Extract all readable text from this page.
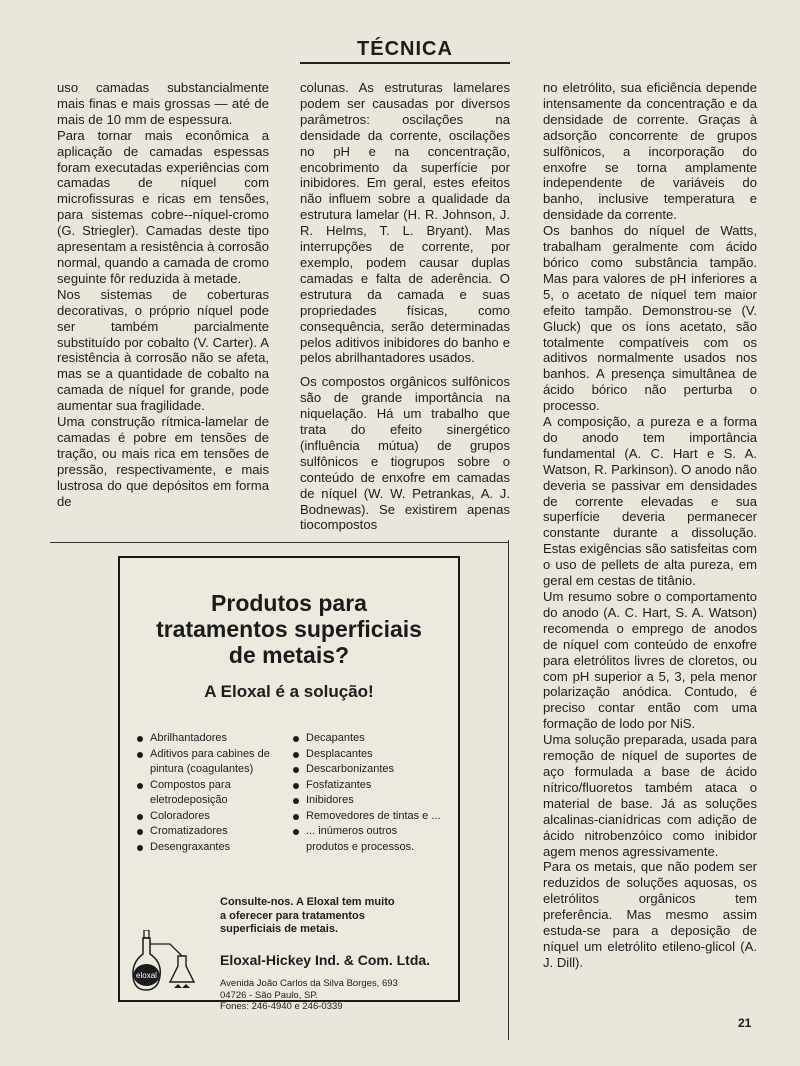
TÉCNICA

uso camadas substancialmente mais finas e mais grossas — até de mais de 10 mm de espessura.

Para tornar mais econômica a aplicação de camadas espessas foram executadas experiências com camadas de níquel com microfissuras e ricas em tensões, para sistemas cobre--níquel-cromo (G. Striegler). Camadas deste tipo apresentam a resistência à corrosão normal, quando a camada de cromo seguinte fôr reduzida à metade.

Nos sistemas de coberturas decorativas, o próprio níquel pode ser também parcialmente substituído por cobalto (V. Carter). A resistência à corrosão não se afeta, mas se a quantidade de cobalto na camada de níquel for grande, pode aumentar sua fragilidade.

Uma construção rítmica-lamelar de camadas é pobre em tensões de tração, ou mais rica em tensões de pressão, respectivamente, e mais lustrosa do que depósitos em forma de

colunas. As estruturas lamelares podem ser causadas por diversos parâmetros: oscilações na densidade da corrente, oscilações no pH e na concentração, encobrimento da superfície por inibidores. Em geral, estes efeitos não influem sobre a qualidade da estrutura lamelar (H. R. Johnson, J. R. Helms, T. L. Bryant). Mas interrupções de corrente, por exemplo, podem causar duplas camadas e falta de aderência. O estrutura da camada e suas propriedades físicas, como consequência, serão determinadas pelos aditivos inibidores do banho e pelos abrilhantadores usados.

Os compostos orgânicos sulfônicos são de grande importância na niquelação. Há um trabalho que trata do efeito sinergético (influência mútua) de grupos sulfônicos e tiogrupos sobre o conteúdo de enxofre em camadas de níquel (W. W. Petrankas, A. J. Bodnewas). Se existirem apenas tiocompostos

no eletrólito, sua eficiência depende intensamente da concentração e da densidade de corrente. Graças à adsorção concorrente de grupos sulfônicos, a incorporação do enxofre se torna amplamente independente de variáveis do banho, inclusive temperatura e densidade da corrente.

Os banhos do níquel de Watts, trabalham geralmente com ácido bórico como substância tampão. Mas para valores de pH inferiores a 5, o acetato de níquel tem maior efeito tampão. Demonstrou-se (V. Gluck) que os íons acetato, são totalmente compatíveis com os aditivos normalmente usados nos banhos. A presença simultânea de ácido bórico não perturba o processo.

A composição, a pureza e a forma do anodo tem importância fundamental (A. C. Hart e S. A. Watson, R. Parkinson). O anodo não deveria se passivar em densidades de corrente elevadas e sua superfície deveria permanecer constante durante a dissolução. Estas exigências são satisfeitas com o uso de pellets de alta pureza, em geral em cestas de titânio.

Um resumo sobre o comportamento do anodo (A. C. Hart, S. A. Watson) recomenda o emprego de anodos de níquel com conteúdo de enxofre para eletrólitos livres de cloretos, ou com pH superior a 5, 3, pela menor polarização anódica. Contudo, é preciso contar então com uma formação de lodo por NiS.

Uma solução preparada, usada para remoção de níquel de suportes de aço formulada a base de ácido nítrico/fluoretos também ataca o material de base. Já as soluções alcalinas-cianídricas com adição de ácido nitrobenzóico como inibidor agem menos agressivamente.

Para os metais, que não podem ser reduzidos de soluções aquosas, os eletrólitos orgânicos tem preferência. Mas mesmo assim estuda-se para a deposição de níquel um eletrólito etileno-glicol (A. J. Dill).

Produtos para
tratamentos superficiais
de metais?
A Eloxal é a solução!
Abrilhantadores
Aditivos para cabines de
pintura (coagulantes)
Compostos para
eletrodeposição
Coloradores
Cromatizadores
Desengraxantes
Decapantes
Desplacantes
Descarbonizantes
Fosfatizantes
Inibidores
Removedores de tintas e ...
... inúmeros outros
produtos e processos.
Consulte-nos. A Eloxal tem muito
a oferecer para tratamentos
superficiais de metais.
eloxal
Eloxal-Hickey Ind. & Com. Ltda.
Avenida João Carlos da Silva Borges, 693
04726 - São Paulo, SP.
Fones: 246-4940 e 246-0339
21
